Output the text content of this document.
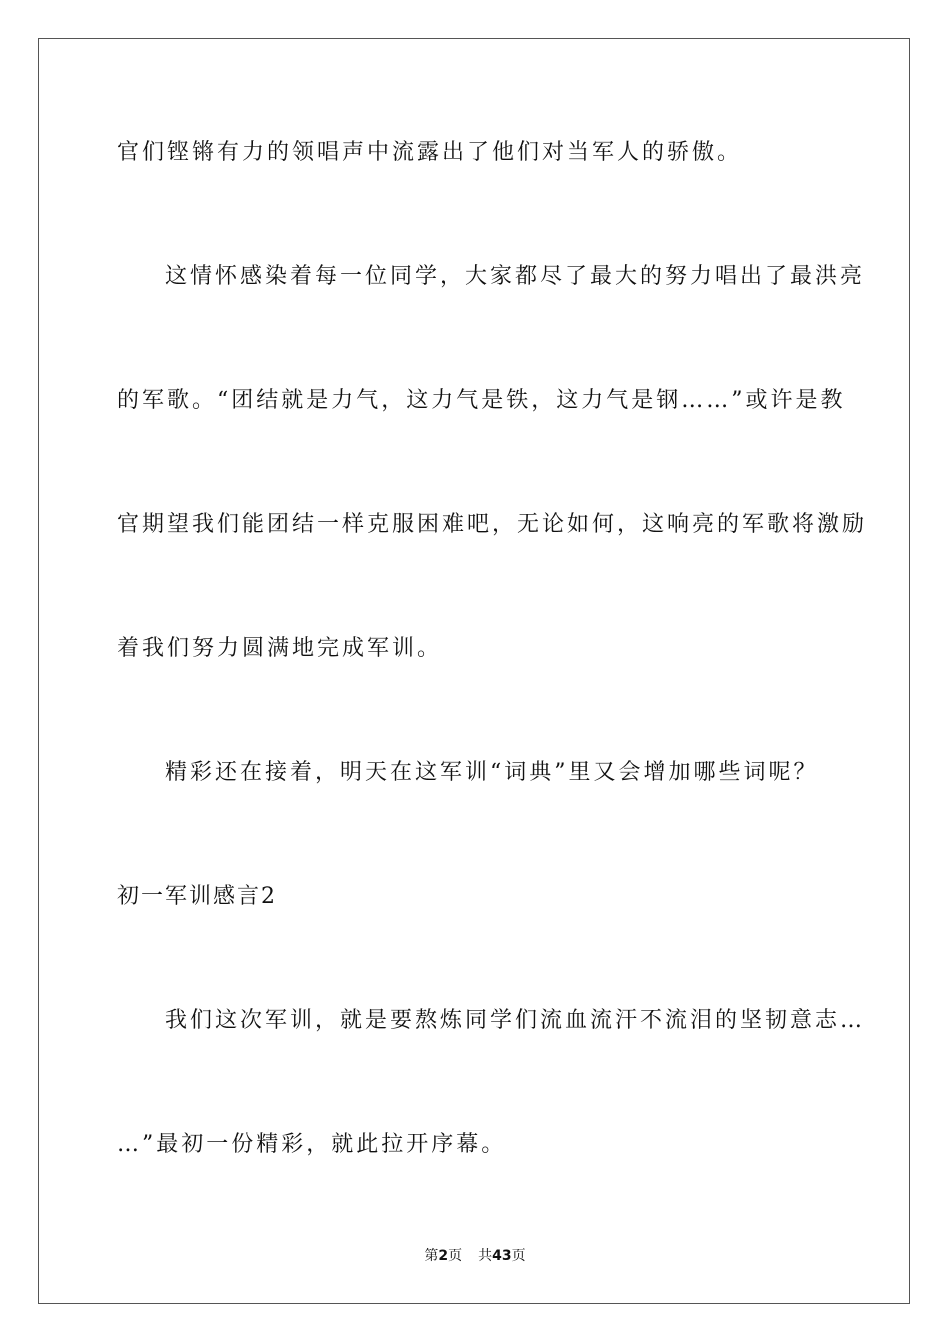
官们铿锵有力的领唱声中流露出了他们对当军人的骄傲。
这情怀感染着每一位同学，大家都尽了最大的努力唱出了最洪亮
的军歌。“团结就是力气，这力气是铁，这力气是钢……”或许是教
官期望我们能团结一样克服困难吧，无论如何，这响亮的军歌将激励
着我们努力圆满地完成军训。
精彩还在接着，明天在这军训“词典”里又会增加哪些词呢？
初一军训感言2
我们这次军训，就是要熬炼同学们流血流汗不流泪的坚韧意志…
…”最初一份精彩，就此拉开序幕。
第2页 共43页
